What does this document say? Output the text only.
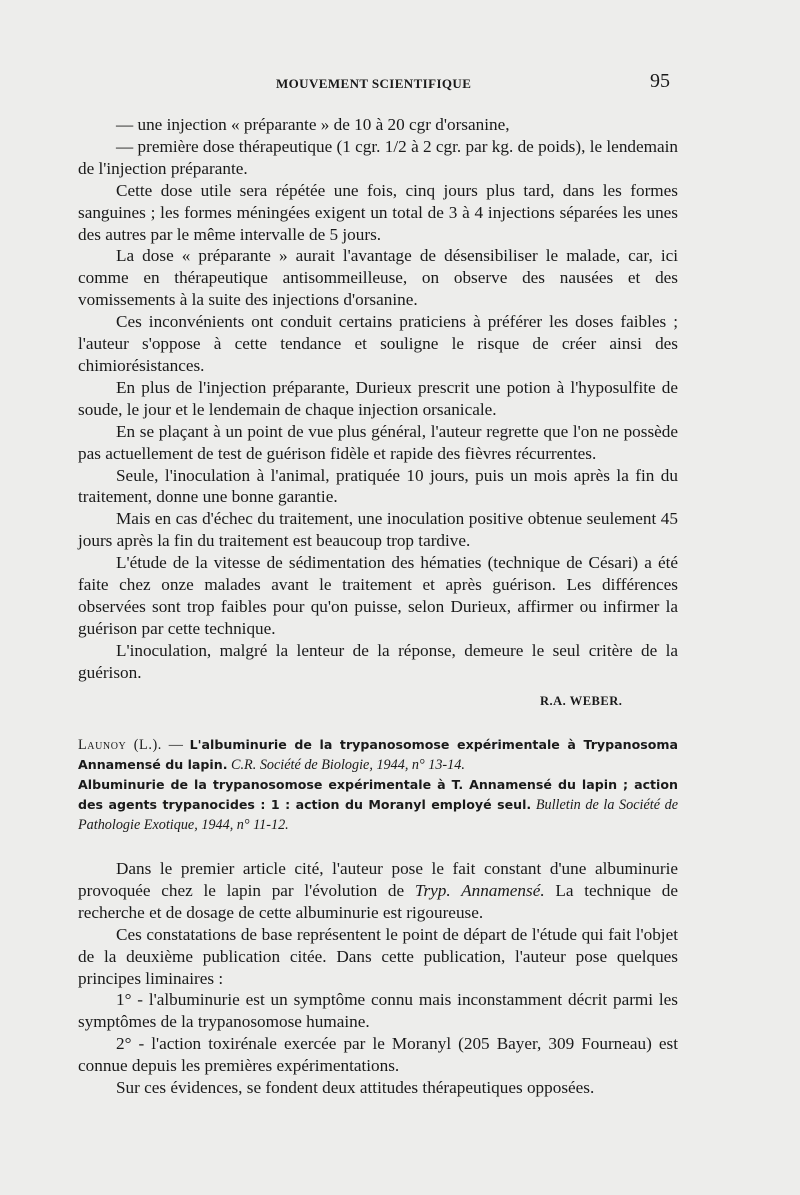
MOUVEMENT SCIENTIFIQUE	95

— une injection « préparante » de 10 à 20 cgr d'orsanine,

— première dose thérapeutique (1 cgr. 1/2 à 2 cgr. par kg. de poids), le lendemain de l'injection préparante.

Cette dose utile sera répétée une fois, cinq jours plus tard, dans les formes sanguines ; les formes méningées exigent un total de 3 à 4 injections séparées les unes des autres par le même intervalle de 5 jours.

La dose « préparante » aurait l'avantage de désensibiliser le malade, car, ici comme en thérapeutique antisommeilleuse, on observe des nausées et des vomissements à la suite des injections d'orsanine.

Ces inconvénients ont conduit certains praticiens à préférer les doses faibles ; l'auteur s'oppose à cette tendance et souligne le risque de créer ainsi des chimiorésistances.

En plus de l'injection préparante, Durieux prescrit une potion à l'hyposulfite de soude, le jour et le lendemain de chaque injection orsanicale.

En se plaçant à un point de vue plus général, l'auteur regrette que l'on ne possède pas actuellement de test de guérison fidèle et rapide des fièvres récurrentes.

Seule, l'inoculation à l'animal, pratiquée 10 jours, puis un mois après la fin du traitement, donne une bonne garantie.

Mais en cas d'échec du traitement, une inoculation positive obtenue seulement 45 jours après la fin du traitement est beaucoup trop tardive.

L'étude de la vitesse de sédimentation des hématies (technique de Césari) a été faite chez onze malades avant le traitement et après guérison. Les différences observées sont trop faibles pour qu'on puisse, selon Durieux, affirmer ou infirmer la guérison par cette technique.

L'inoculation, malgré la lenteur de la réponse, demeure le seul critère de la guérison.

R.A. WEBER.

Launoy (L.). — L'albuminurie de la trypanosomose expérimentale à Trypanosoma Annamensé du lapin. C.R. Société de Biologie, 1944, n° 13-14.

Albuminurie de la trypanosomose expérimentale à T. Annamensé du lapin ; action des agents trypanocides : 1 : action du Moranyl employé seul. Bulletin de la Société de Pathologie Exotique, 1944, n° 11-12.

Dans le premier article cité, l'auteur pose le fait constant d'une albuminurie provoquée chez le lapin par l'évolution de Tryp. Annamensé. La technique de recherche et de dosage de cette albuminurie est rigoureuse.

Ces constatations de base représentent le point de départ de l'étude qui fait l'objet de la deuxième publication citée. Dans cette publication, l'auteur pose quelques principes liminaires :

1° - l'albuminurie est un symptôme connu mais inconstamment décrit parmi les symptômes de la trypanosomose humaine.

2° - l'action toxirénale exercée par le Moranyl (205 Bayer, 309 Fourneau) est connue depuis les premières expérimentations.

Sur ces évidences, se fondent deux attitudes thérapeutiques opposées.
